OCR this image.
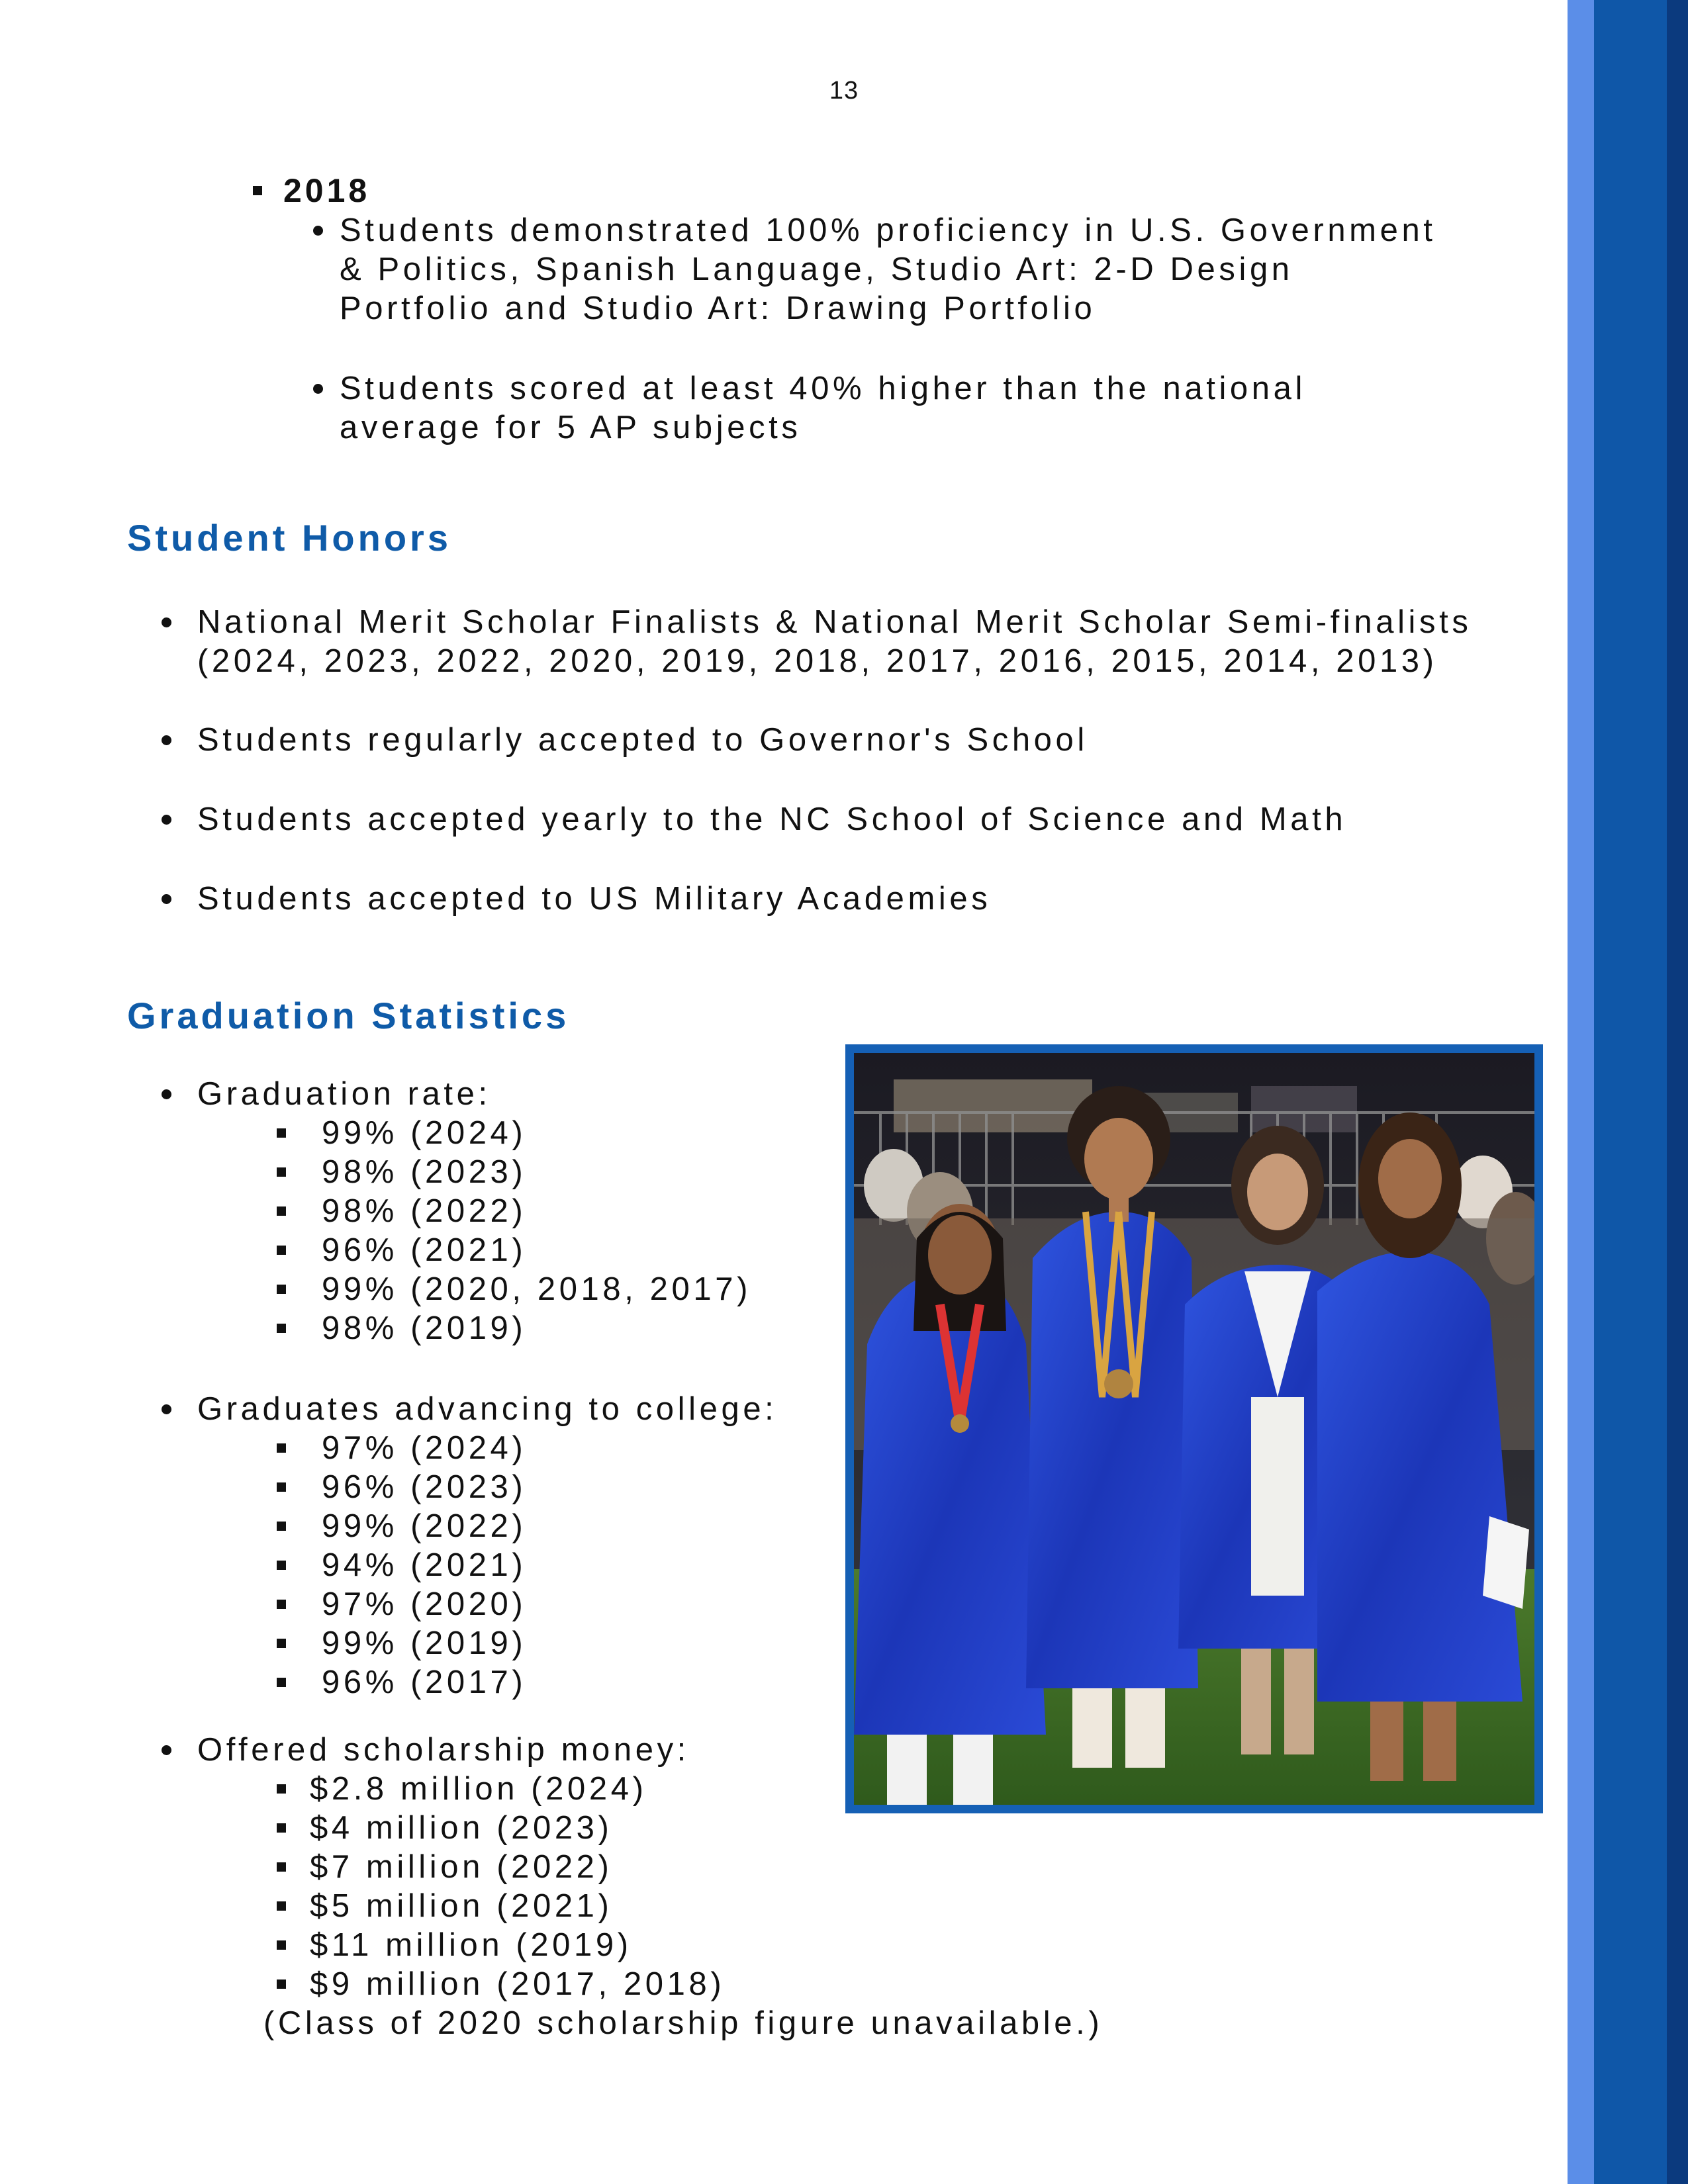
13
2018
Students demonstrated 100% proficiency in U.S. Government
& Politics, Spanish Language, Studio Art: 2-D Design
Portfolio and Studio Art: Drawing Portfolio
Students scored at least 40% higher than the national
average for 5 AP subjects
Student Honors
National Merit Scholar Finalists & National Merit Scholar Semi-finalists
(2024, 2023, 2022, 2020, 2019, 2018, 2017, 2016, 2015, 2014, 2013)
Students regularly accepted to Governor's School
Students accepted yearly to the NC School of Science and Math
Students accepted to US Military Academies
Graduation Statistics
Graduation rate:
99% (2024)
98% (2023)
98% (2022)
96% (2021)
99% (2020, 2018, 2017)
98% (2019)
Graduates advancing to college:
97% (2024)
96% (2023)
99% (2022)
94% (2021)
97% (2020)
99% (2019)
96% (2017)
Offered scholarship money:
$2.8 million (2024)
$4 million (2023)
$7 million (2022)
$5 million (2021)
$11 million (2019)
$9 million (2017, 2018)
(Class of 2020 scholarship figure unavailable.)
